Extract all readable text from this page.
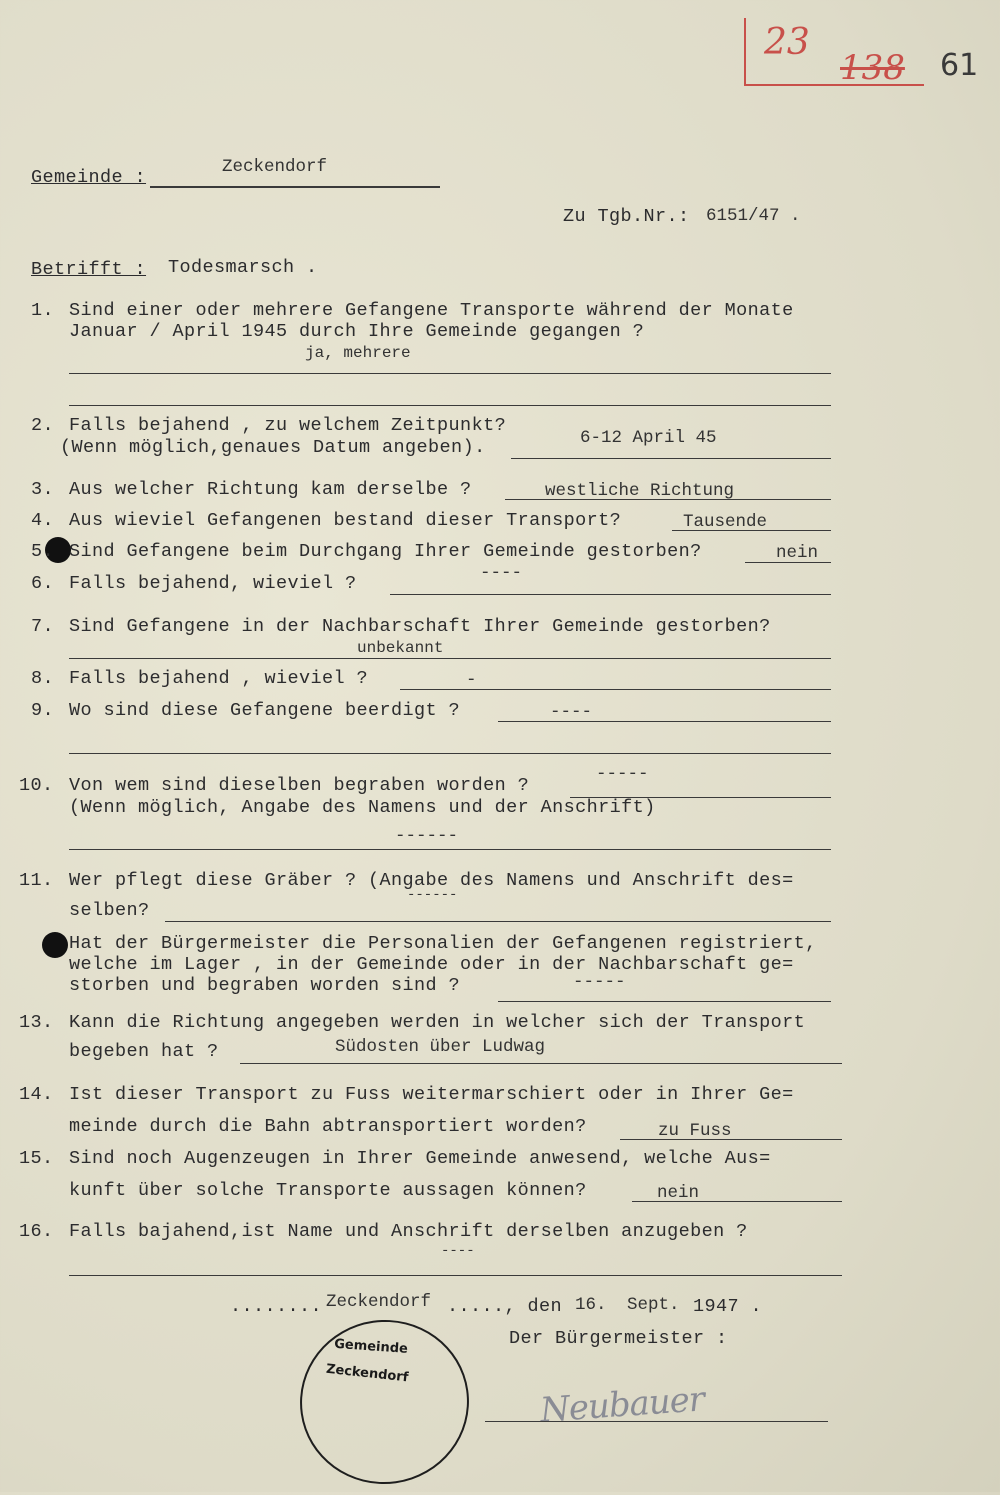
23
138 61
Gemeinde :	Zeckendorf
Zu Tgb.Nr.: 6151/47 .
Betrifft : Todesmarsch .
1. Sind einer oder mehrere Gefangene Transporte während der Monate
Januar / April 1945 durch Ihre Gemeinde gegangen ?
ja, mehrere
2. Falls bejahend , zu welchem Zeitpunkt?
(Wenn möglich,genaues Datum angeben).	6-12 April 45
3. Aus welcher Richtung kam derselbe ?	westliche Richtung
4. Aus wieviel Gefangenen bestand dieser Transport?	Tausende
5. Sind Gefangene beim Durchgang Ihrer Gemeinde gestorben?	nein
6. Falls bejahend, wieviel ?	----
7. Sind Gefangene in der Nachbarschaft Ihrer Gemeinde gestorben?
unbekannt
8. Falls bejahend , wieviel ?	-
9. Wo sind diese Gefangene beerdigt ?	----
10. Von wem sind dieselben begraben worden ?
(Wenn möglich, Angabe des Namens und der Anschrift)
-----
------
11. Wer pflegt diese Gräber ? (Angabe des Namens und Anschrift des=
selben?
------
Hat der Bürgermeister die Personalien der Gefangenen registriert,
welche im Lager , in der Gemeinde oder in der Nachbarschaft ge=
storben und begraben worden sind ?	-----
13. Kann die Richtung angegeben werden in welcher sich der Transport
begeben hat ?	Südosten über Ludwag
14. Ist dieser Transport zu Fuss weitermarschiert oder in Ihrer Ge=
meinde durch die Bahn abtransportiert worden?	zu Fuss
15. Sind noch Augenzeugen in Ihrer Gemeinde anwesend, welche Aus=
kunft über solche Transporte aussagen können?	nein
16. Falls bajahend,ist Name und Anschrift derselben anzugeben ?
----
........ Zeckendorf ....., den 16. Sept. 1947 .
Der Bürgermeister :
Gemeinde
Zeckendorf
Neubauer
